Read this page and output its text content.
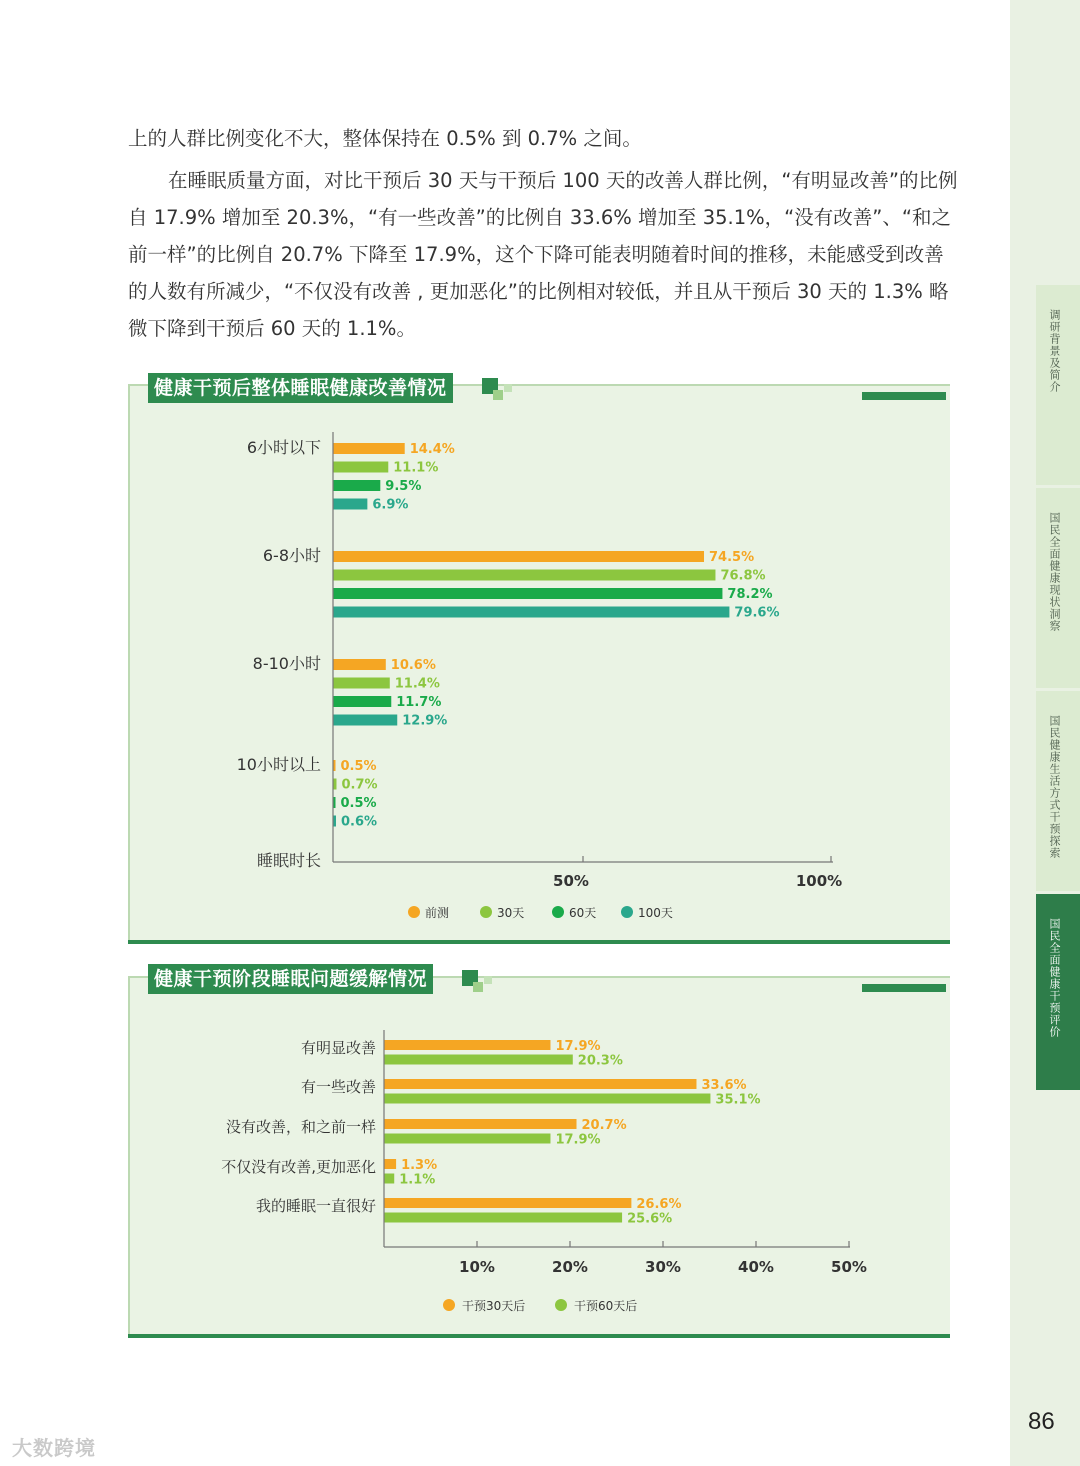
调研背景及简介
国民全面健康现状洞察
国民健康生活方式干预探索
国民全面健康干预评价

上的人群比例变化不大，整体保持在 0.5% 到 0.7% 之间。

在睡眠质量方面，对比干预后 30 天与干预后 100 天的改善人群比例，“有明显改善”的比例自 17.9% 增加至 20.3%，“有一些改善”的比例自 33.6% 增加至 35.1%，“没有改善”、“和之前一样”的比例自 20.7% 下降至 17.9%，这个下降可能表明随着时间的推移，未能感受到改善的人数有所减少，“不仅没有改善 , 更加恶化”的比例相对较低，并且从干预后 30 天的 1.3% 略微下降到干预后 60 天的 1.1%。

健康干预后整体睡眠健康改善情况
6小时以下	14.4%
11.1%
9.5%
6.9%
6-8小时	74.5%
76.8%
78.2%
79.6%
8-10小时	10.6%
11.4%
11.7%
12.9%
10小时以上 0.5%
0.7%
0.5%
0.6%
睡眠时长
50%	100%
前测	30天	60天	100天
健康干预阶段睡眠问题缓解情况
有明显改善	17.9%
20.3%
有一些改善	33.6%
35.1%
没有改善，和之前一样	20.7%
17.9%
不仅没有改善,更加恶化 1.3%
1.1%
我的睡眠一直很好	26.6%
25.6%
10%	20%	30%	40%	50%
干预30天后	干预60天后
86
大数跨境
